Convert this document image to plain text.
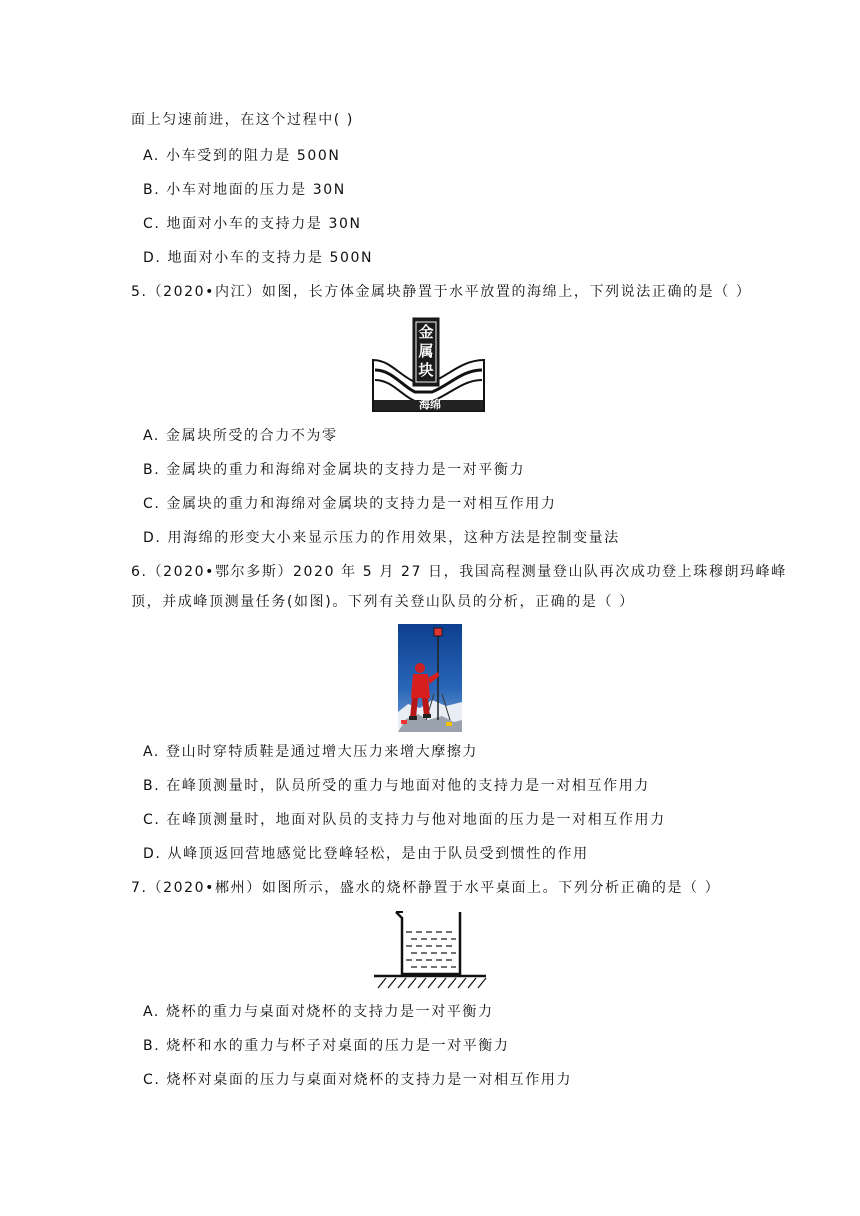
面上匀速前进，在这个过程中( )
A. 小车受到的阻力是 500N
B. 小车对地面的压力是 30N
C. 地面对小车的支持力是 30N
D. 地面对小车的支持力是 500N
5.（2020•内江）如图，长方体金属块静置于水平放置的海绵上，下列说法正确的是（ ）
金属块
海绵
A. 金属块所受的合力不为零
B. 金属块的重力和海绵对金属块的支持力是一对平衡力
C. 金属块的重力和海绵对金属块的支持力是一对相互作用力
D. 用海绵的形变大小来显示压力的作用效果，这种方法是控制变量法
6.（2020•鄂尔多斯）2020 年 5 月 27 日，我国高程测量登山队再次成功登上珠穆朗玛峰峰
顶，并成峰顶测量任务(如图)。下列有关登山队员的分析，正确的是（ ）
A. 登山时穿特质鞋是通过增大压力来增大摩擦力
B. 在峰顶测量时，队员所受的重力与地面对他的支持力是一对相互作用力
C. 在峰顶测量时，地面对队员的支持力与他对地面的压力是一对相互作用力
D. 从峰顶返回营地感觉比登峰轻松，是由于队员受到惯性的作用
7.（2020•郴州）如图所示，盛水的烧杯静置于水平桌面上。下列分析正确的是（ ）
A. 烧杯的重力与桌面对烧杯的支持力是一对平衡力
B. 烧杯和水的重力与杯子对桌面的压力是一对平衡力
C. 烧杯对桌面的压力与桌面对烧杯的支持力是一对相互作用力
